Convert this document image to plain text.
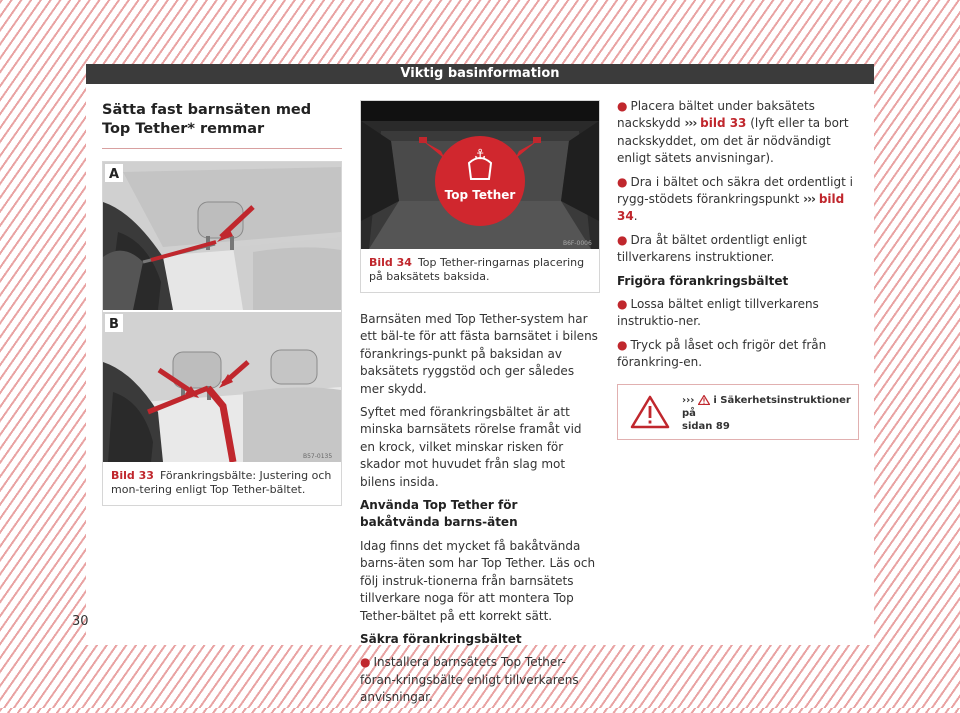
Viktig basinformation
Sätta fast barnsäten med Top Tether* remmar
A
B
B57-0135
Bild 33 Förankringsbälte: Justering och mon-tering enligt Top Tether-bältet.
⚓
Top Tether
B6F-0006
Bild 34 Top Tether-ringarnas placering på baksätets baksida.

Barnsäten med Top Tether-system har ett bäl-te för att fästa barnsätet i bilens förankrings-punkt på baksidan av baksätets ryggstöd och ger således mer skydd.

Syftet med förankringsbältet är att minska barnsätets rörelse framåt vid en krock, vilket minskar risken för skador mot huvudet från slag mot bilens insida.

Använda Top Tether för bakåtvända barns-äten

Idag finns det mycket få bakåtvända barns-äten som har Top Tether. Läs och följ instruk-tionerna från barnsätets tillverkare noga för att montera Top Tether-bältet på ett korrekt sätt.

Säkra förankringsbältet

● Installera barnsätets Top Tether-föran-kringsbälte enligt tillverkarens anvisningar.

● Placera bältet under baksätets nackskydd ››› bild 33 (lyft eller ta bort nackskyddet, om det är nödvändigt enligt sätets anvisningar).

● Dra i bältet och säkra det ordentligt i rygg-stödets förankringspunkt ››› bild 34.

● Dra åt bältet ordentligt enligt tillverkarens instruktioner.

Frigöra förankringsbältet

● Lossa bältet enligt tillverkarens instruktio-ner.

● Tryck på låset och frigör det från förankring-en.

››› i Säkerhetsinstruktioner på
sidan 89
30
